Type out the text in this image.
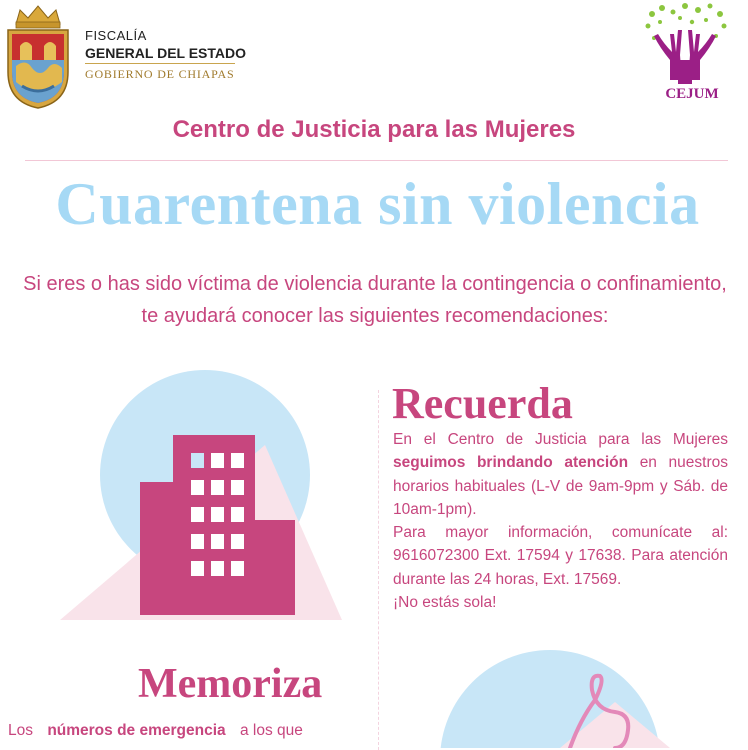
FISCALÍA
GENERAL DEL ESTADO
GOBIERNO DE CHIAPAS
CEJUM
Centro de Justicia para las Mujeres
Cuarentena sin violencia
Si eres o has sido víctima de violencia durante la contingencia o confinamiento, te ayudará conocer las siguientes recomendaciones:
Recuerda

En el Centro de Justicia para las Mujeres seguimos brindando atención en nuestros horarios habituales (L-V de 9am-9pm y Sáb. de 10am-1pm).

Para mayor información, comunícate al: 9616072300 Ext. 17594 y 17638. Para atención durante las 24 horas, Ext. 17569.

¡No estás sola!

Memoriza
Los números de emergencia a los que
